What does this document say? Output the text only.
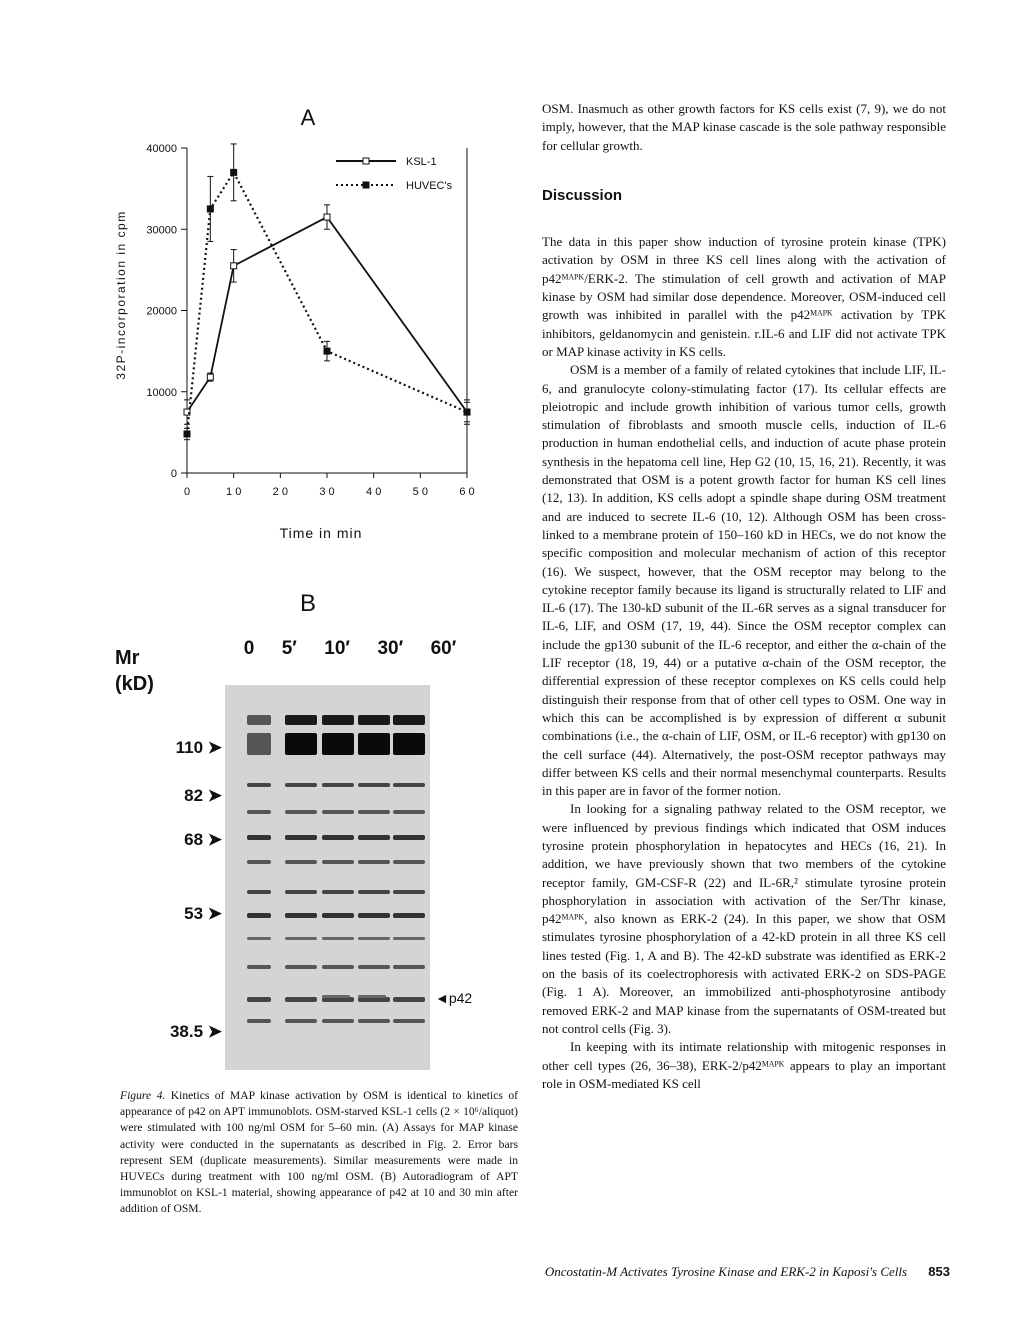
A
0
10000
20000
30000
40000
0	1 0	2 0	3 0	4 0	5 0	6 0
KSL-1
HUVEC's
Time in min
32P-incorporation in cpm
B
Mr
(kD)
0 5′ 10′ 30′ 60′
110 ➤
82 ➤
68 ➤
53 ➤
38.5 ➤
◄p42
Figure 4. Kinetics of MAP kinase activation by OSM is identical to kinetics of appearance of p42 on APT immunoblots. OSM-starved KSL-1 cells (2 × 10⁶/aliquot) were stimulated with 100 ng/ml OSM for 5–60 min. (A) Assays for MAP kinase activity were conducted in the supernatants as described in Fig. 2. Error bars represent SEM (duplicate measurements). Similar measurements were made in HUVECs during treatment with 100 ng/ml OSM. (B) Autoradiogram of APT immunoblot on KSL-1 material, showing appearance of p42 at 10 and 30 min after addition of OSM.

OSM. Inasmuch as other growth factors for KS cells exist (7, 9), we do not imply, however, that the MAP kinase cascade is the sole pathway responsible for cellular growth.

Discussion

The data in this paper show induction of tyrosine protein kinase (TPK) activation by OSM in three KS cell lines along with the activation of p42ᴹᴬᴾᴷ/ERK-2. The stimulation of cell growth and activation of MAP kinase by OSM had similar dose dependence. Moreover, OSM-induced cell growth was inhibited in parallel with the p42ᴹᴬᴾᴷ activation by TPK inhibitors, geldanomycin and genistein. r.IL-6 and LIF did not activate TPK or MAP kinase activity in KS cells.

OSM is a member of a family of related cytokines that include LIF, IL-6, and granulocyte colony-stimulating factor (17). Its cellular effects are pleiotropic and include growth inhibition of various tumor cells, growth stimulation of fibroblasts and smooth muscle cells, induction of IL-6 production in human endothelial cells, and induction of acute phase protein synthesis in the hepatoma cell line, Hep G2 (10, 15, 16, 21). Recently, it was demonstrated that OSM is a potent growth factor for human KS cell lines (12, 13). In addition, KS cells adopt a spindle shape during OSM treatment and are induced to secrete IL-6 (10, 12). Although OSM has been cross-linked to a membrane protein of 150–160 kD in HECs, we do not know the specific composition and molecular mechanism of action of this receptor (16). We suspect, however, that the OSM receptor may belong to the cytokine receptor family because its ligand is structurally related to LIF and IL-6 (17). The 130-kD subunit of the IL-6R serves as a signal transducer for IL-6, LIF, and OSM (17, 19, 44). Since the OSM receptor complex can include the gp130 subunit of the IL-6 receptor, and either the α-chain of the LIF receptor (18, 19, 44) or a putative α-chain of the OSM receptor, the differential expression of these receptor complexes on KS cells could help distinguish their response from that of other cell types to OSM. One way in which this can be accomplished is by expression of different α subunit combinations (i.e., the α-chain of LIF, OSM, or IL-6 receptor) with gp130 on the cell surface (44). Alternatively, the post-OSM receptor pathways may differ between KS cells and their normal mesenchymal counterparts. Results in this paper are in favor of the former notion.

In looking for a signaling pathway related to the OSM receptor, we were influenced by previous findings which indicated that OSM induces tyrosine protein phosphorylation in hepatocytes and HECs (16, 21). In addition, we have previously shown that two members of the cytokine receptor family, GM-CSF-R (22) and IL-6R,² stimulate tyrosine protein phosphorylation in association with activation of the Ser/Thr kinase, p42ᴹᴬᴾᴷ, also known as ERK-2 (24). In this paper, we show that OSM stimulates tyrosine phosphorylation of a 42-kD protein in all three KS cell lines tested (Fig. 1, A and B). The 42-kD substrate was identified as ERK-2 on the basis of its coelectrophoresis with activated ERK-2 on SDS-PAGE (Fig. 1 A). Moreover, an immobilized anti-phosphotyrosine antibody removed ERK-2 and MAP kinase from the supernatants of OSM-treated but not control cells (Fig. 3).

In keeping with its intimate relationship with mitogenic responses in other cell types (26, 36–38), ERK-2/p42ᴹᴬᴾᴷ appears to play an important role in OSM-mediated KS cell

Oncostatin-M Activates Tyrosine Kinase and ERK-2 in Kaposi's Cells 853
